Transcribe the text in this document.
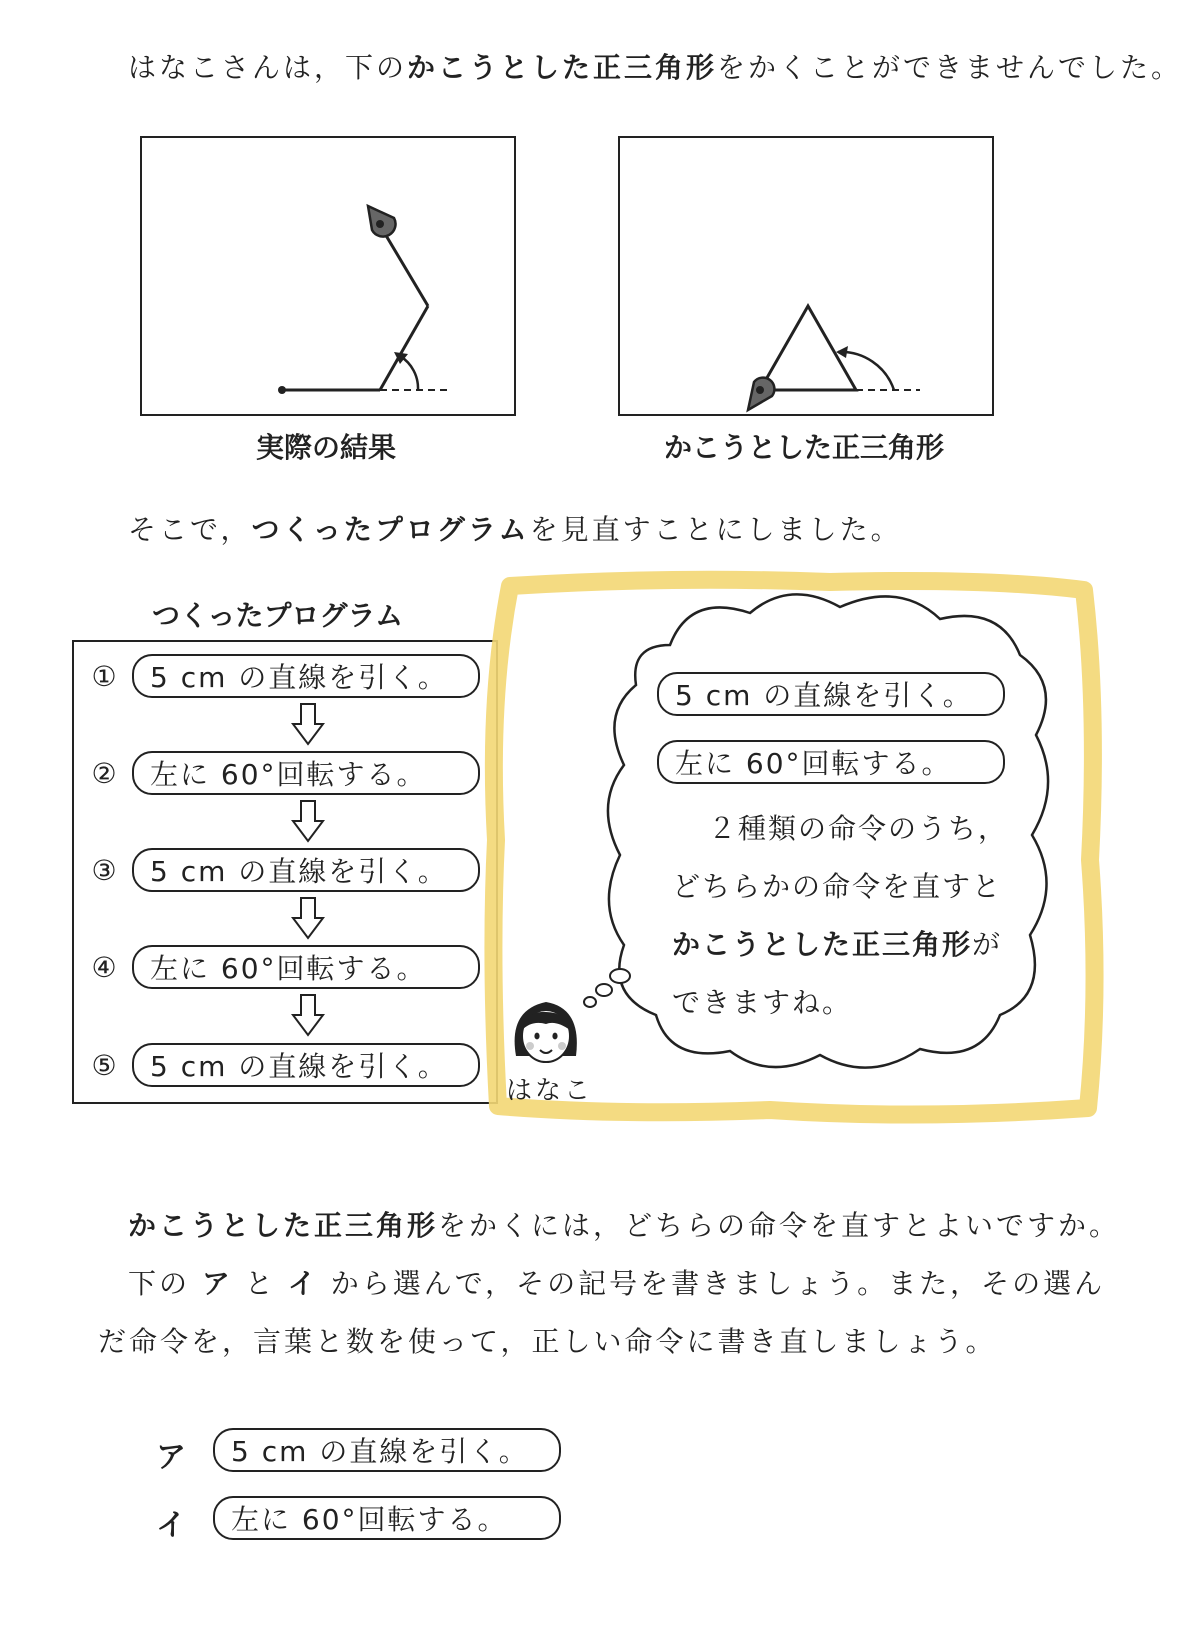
はなこさんは，下のかこうとした正三角形をかくことができませんでした。
実際の結果	かこうとした正三角形
そこで，つくったプログラムを見直すことにしました。
つくったプログラム
①	5 cm の直線を引く。
②	左に 60°回転する。
③	5 cm の直線を引く。
④	左に 60°回転する。
⑤	5 cm の直線を引く。
5 cm の直線を引く。
左に 60°回転する。
２種類の命令のうち，
どちらかの命令を直すと
かこうとした正三角形が
できますね。
はなこ
かこうとした正三角形をかくには，どちらの命令を直すとよいですか。
下の ア と イ から選んで，その記号を書きましょう。また，その選ん
だ命令を，言葉と数を使って，正しい命令に書き直しましょう。
ア	5 cm の直線を引く。
イ	左に 60°回転する。
